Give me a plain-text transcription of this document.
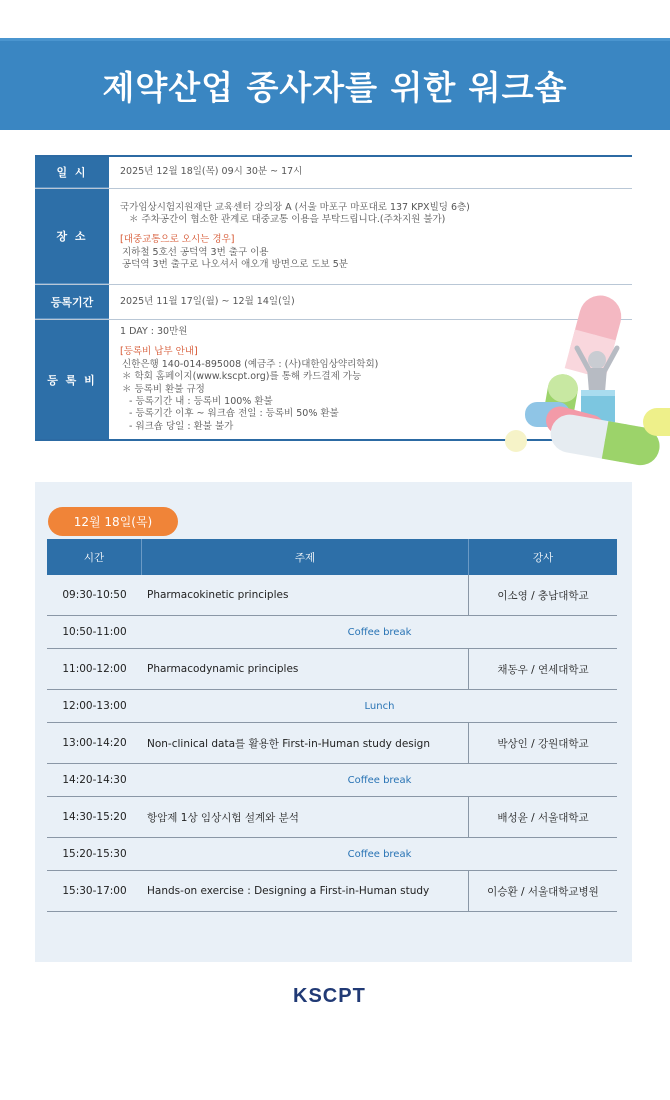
제약산업 종사자를 위한 워크숍
일 시	2025년 12월 18일(목) 09시 30분 ~ 17시
장 소
국가임상시험지원재단 교육센터 강의장 A (서울 마포구 마포대로 137 KPX빌딩 6층)
＊ 주차공간이 협소한 관계로 대중교통 이용을 부탁드립니다.(주차지원 불가)
[대중교통으로 오시는 경우]
지하철 5호선 공덕역 3번 출구 이용
공덕역 3번 출구로 나오셔서 애오개 방면으로 도보 5분
등록기간	2025년 11월 17일(월) ~ 12월 14일(일)
등 록 비
1 DAY : 30만원
[등록비 납부 안내]
신한은행 140-014-895008 (예금주 : (사)대한임상약리학회)
＊ 학회 홈페이지(www.kscpt.org)를 통해 카드결제 가능
＊ 등록비 환불 규정
- 등록기간 내 : 등록비 100% 환불
- 등록기간 이후 ~ 워크숍 전일 : 등록비 50% 환불
- 워크숍 당일 : 환불 불가
12월 18일(목)
시간	주제	강사
09:30-10:50	Pharmacokinetic principles	이소영 / 충남대학교
10:50-11:00	Coffee break
11:00-12:00	Pharmacodynamic principles	채동우 / 연세대학교
12:00-13:00	Lunch
13:00-14:20	Non-clinical data를 활용한 First-in-Human study design	박상인 / 강원대학교
14:20-14:30	Coffee break
14:30-15:20	항암제 1상 임상시험 설계와 분석	배성윤 / 서울대학교
15:20-15:30	Coffee break
15:30-17:00	Hands-on exercise : Designing a First-in-Human study	이승환 / 서울대학교병원
KSCPT
